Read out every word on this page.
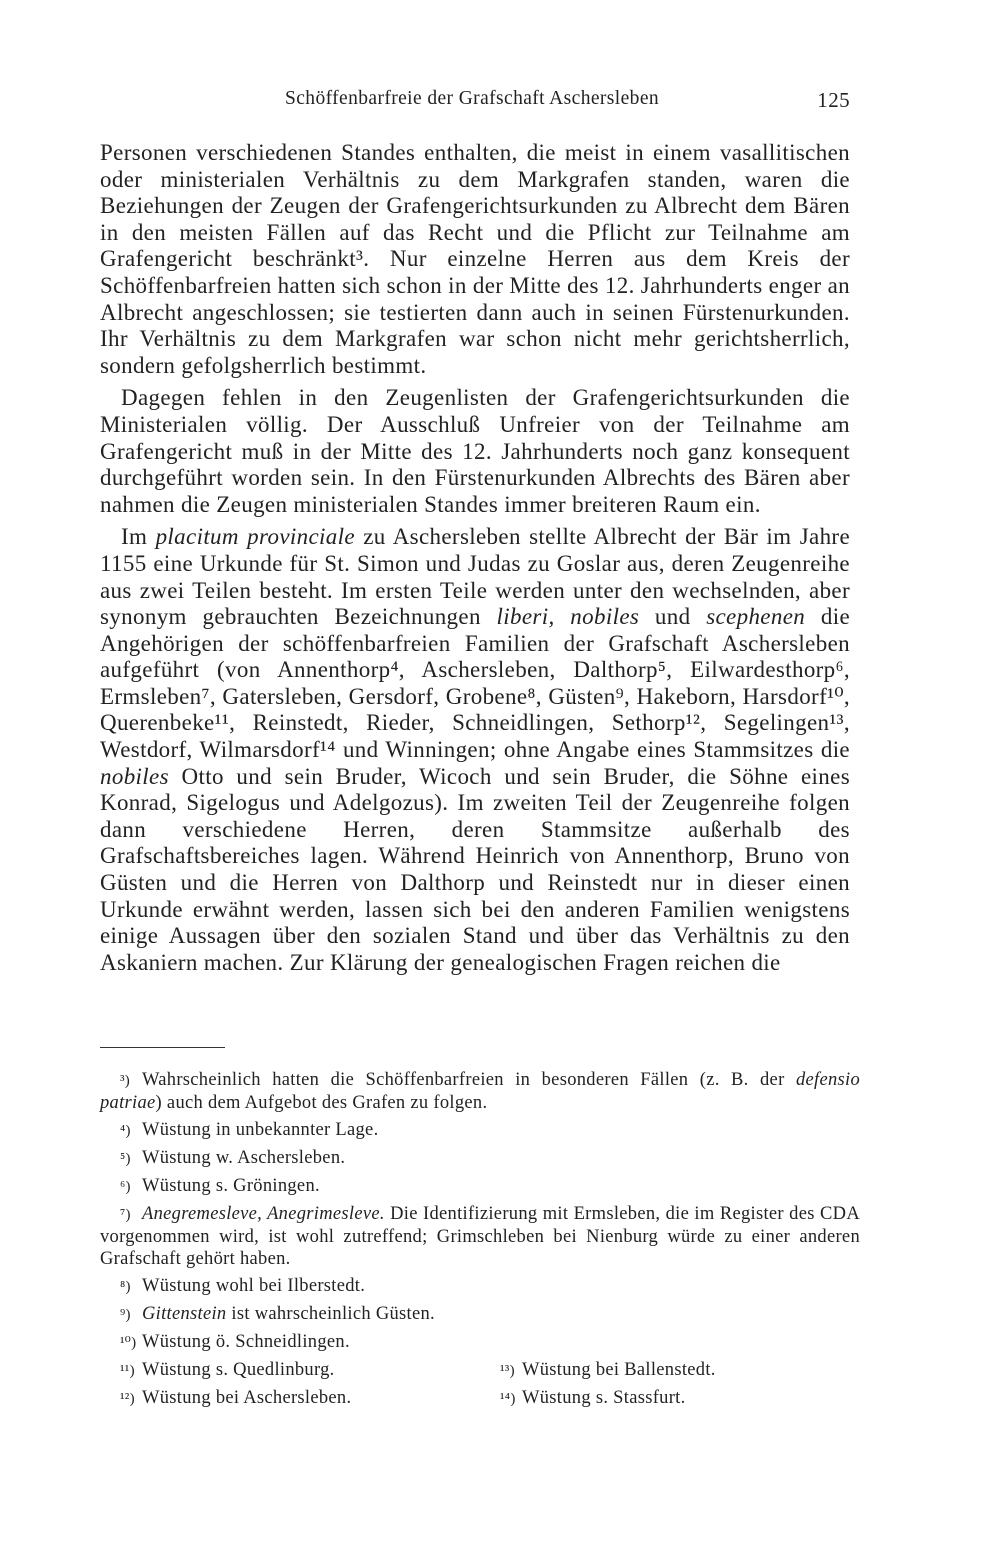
Schöffenbarfreie der Grafschaft Aschersleben	125

Personen verschiedenen Standes enthalten, die meist in einem vasallitischen oder ministerialen Verhältnis zu dem Markgrafen standen, waren die Beziehungen der Zeugen der Grafengerichtsurkunden zu Albrecht dem Bären in den meisten Fällen auf das Recht und die Pflicht zur Teilnahme am Grafengericht beschränkt³. Nur einzelne Herren aus dem Kreis der Schöffenbarfreien hatten sich schon in der Mitte des 12. Jahrhunderts enger an Albrecht angeschlossen; sie testierten dann auch in seinen Fürstenurkunden. Ihr Verhältnis zu dem Markgrafen war schon nicht mehr gerichtsherrlich, sondern gefolgsherrlich bestimmt.

Dagegen fehlen in den Zeugenlisten der Grafengerichtsurkunden die Ministerialen völlig. Der Ausschluß Unfreier von der Teilnahme am Grafengericht muß in der Mitte des 12. Jahrhunderts noch ganz konsequent durchgeführt worden sein. In den Fürstenurkunden Albrechts des Bären aber nahmen die Zeugen ministerialen Standes immer breiteren Raum ein.

Im placitum provinciale zu Aschersleben stellte Albrecht der Bär im Jahre 1155 eine Urkunde für St. Simon und Judas zu Goslar aus, deren Zeugenreihe aus zwei Teilen besteht. Im ersten Teile werden unter den wechselnden, aber synonym gebrauchten Bezeichnungen liberi, nobiles und scephenen die Angehörigen der schöffenbarfreien Familien der Grafschaft Aschersleben aufgeführt (von Annenthorp⁴, Aschersleben, Dalthorp⁵, Eilwardesthorp⁶, Ermsleben⁷, Gatersleben, Gersdorf, Grobene⁸, Güsten⁹, Hakeborn, Harsdorf¹⁰, Querenbeke¹¹, Reinstedt, Rieder, Schneidlingen, Sethorp¹², Segelingen¹³, Westdorf, Wilmarsdorf¹⁴ und Winningen; ohne Angabe eines Stammsitzes die nobiles Otto und sein Bruder, Wicoch und sein Bruder, die Söhne eines Konrad, Sigelogus und Adelgozus). Im zweiten Teil der Zeugenreihe folgen dann verschiedene Herren, deren Stammsitze außerhalb des Grafschaftsbereiches lagen. Während Heinrich von Annenthorp, Bruno von Güsten und die Herren von Dalthorp und Reinstedt nur in dieser einen Urkunde erwähnt werden, lassen sich bei den anderen Familien wenigstens einige Aussagen über den sozialen Stand und über das Verhältnis zu den Askaniern machen. Zur Klärung der genealogischen Fragen reichen die

³) Wahrscheinlich hatten die Schöffenbarfreien in besonderen Fällen (z. B. der defensio patriae) auch dem Aufgebot des Grafen zu folgen.

⁴) Wüstung in unbekannter Lage.

⁵) Wüstung w. Aschersleben.

⁶) Wüstung s. Gröningen.

⁷) Anegremesleve, Anegrimesleve. Die Identifizierung mit Ermsleben, die im Register des CDA vorgenommen wird, ist wohl zutreffend; Grimschleben bei Nienburg würde zu einer anderen Grafschaft gehört haben.

⁸) Wüstung wohl bei Ilberstedt.

⁹) Gittenstein ist wahrscheinlich Güsten.

¹⁰) Wüstung ö. Schneidlingen.

¹¹) Wüstung s. Quedlinburg.	¹³) Wüstung bei Ballenstedt.
¹²) Wüstung bei Aschersleben.	¹⁴) Wüstung s. Stassfurt.
